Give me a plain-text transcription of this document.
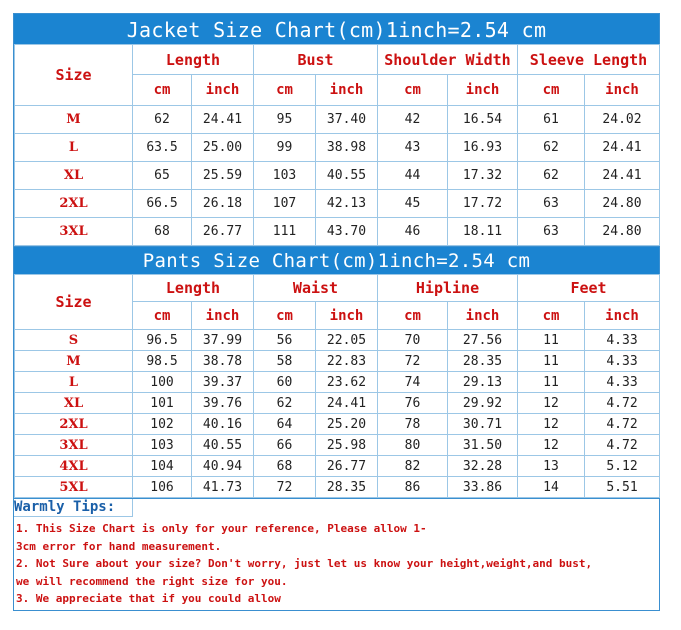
Jacket Size Chart(cm)1inch=2.54 cm
Size	Length		Bust		Shoulder Width		Sleeve Length	
	cm	inch	cm	inch	cm	inch	cm	inch
M	62	24.41	95	37.40	42	16.54	61	24.02
L	63.5	25.00	99	38.98	43	16.93	62	24.41
XL	65	25.59	103	40.55	44	17.32	62	24.41
2XL	66.5	26.18	107	42.13	45	17.72	63	24.80
3XL	68	26.77	111	43.70	46	18.11	63	24.80
Pants Size Chart(cm)1inch=2.54 cm
Size	Length		Waist		Hipline		Feet	
	cm	inch	cm	inch	cm	inch	cm	inch
S	96.5	37.99	56	22.05	70	27.56	11	4.33
M	98.5	38.78	58	22.83	72	28.35	11	4.33
L	100	39.37	60	23.62	74	29.13	11	4.33
XL	101	39.76	62	24.41	76	29.92	12	4.72
2XL	102	40.16	64	25.20	78	30.71	12	4.72
3XL	103	40.55	66	25.98	80	31.50	12	4.72
4XL	104	40.94	68	26.77	82	32.28	13	5.12
5XL	106	41.73	72	28.35	86	33.86	14	5.51
Warmly Tips:
1. This Size Chart is only for your reference, Please allow 1-
3cm error for hand measurement.
2. Not Sure about your size? Don't worry, just let us know your height,weight,and bust,
we will recommend the right size for you.
3. We appreciate that if you could allow
